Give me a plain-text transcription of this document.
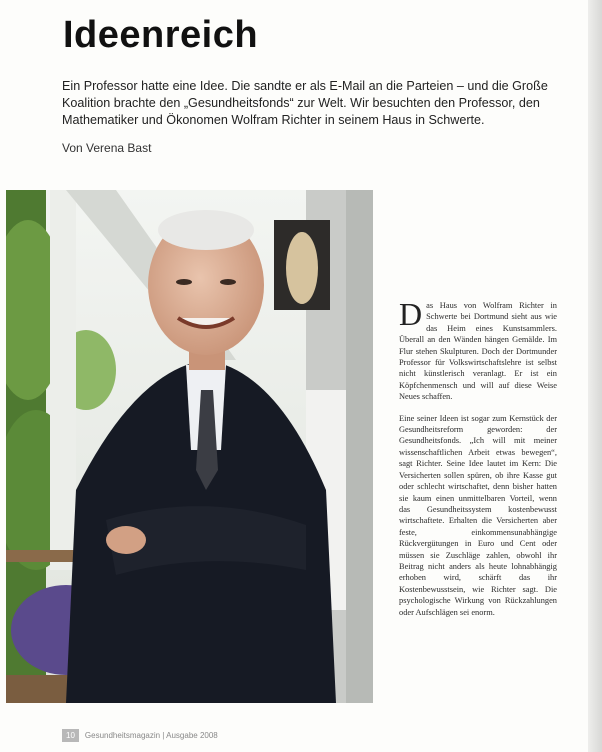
Ideenreich

Ein Professor hatte eine Idee. Die sandte er als E-Mail an die Parteien – und die Große Koalition brachte den „Gesundheitsfonds“ zur Welt. Wir besuchten den Professor, den Mathematiker und Ökonomen Wolfram Richter in seinem Haus in Schwerte.

Von Verena Bast

Das Haus von Wolfram Richter in Schwerte bei Dortmund sieht aus wie das Heim eines Kunstsammlers. Überall an den Wänden hängen Gemälde. Im Flur stehen Skulpturen. Doch der Dortmunder Professor für Volkswirtschaftslehre ist selbst nicht künstlerisch veranlagt. Er ist ein Köpfchenmensch und will auf diese Weise Neues schaffen.

Eine seiner Ideen ist sogar zum Kernstück der Gesundheitsreform geworden: der Gesundheitsfonds. „Ich will mit meiner wissenschaftlichen Arbeit etwas bewegen“, sagt Richter. Seine Idee lautet im Kern: Die Versicherten sollen spüren, ob ihre Kasse gut oder schlecht wirtschaftet, denn bisher hatten sie kaum einen unmittelbaren Vorteil, wenn das Gesundheitssystem kostenbewusst wirtschaftete. Erhalten die Versicherten aber feste, einkommensunabhängige Rückvergütungen in Euro und Cent oder müssen sie Zuschläge zahlen, obwohl ihr Beitrag nicht anders als heute lohnabhängig erhoben wird, schärft das ihr Kostenbewusstsein, wie Richter sagt. Die psychologische Wirkung von Rückzahlungen oder Aufschlägen sei enorm.

10	Gesundheitsmagazin | Ausgabe 2008
